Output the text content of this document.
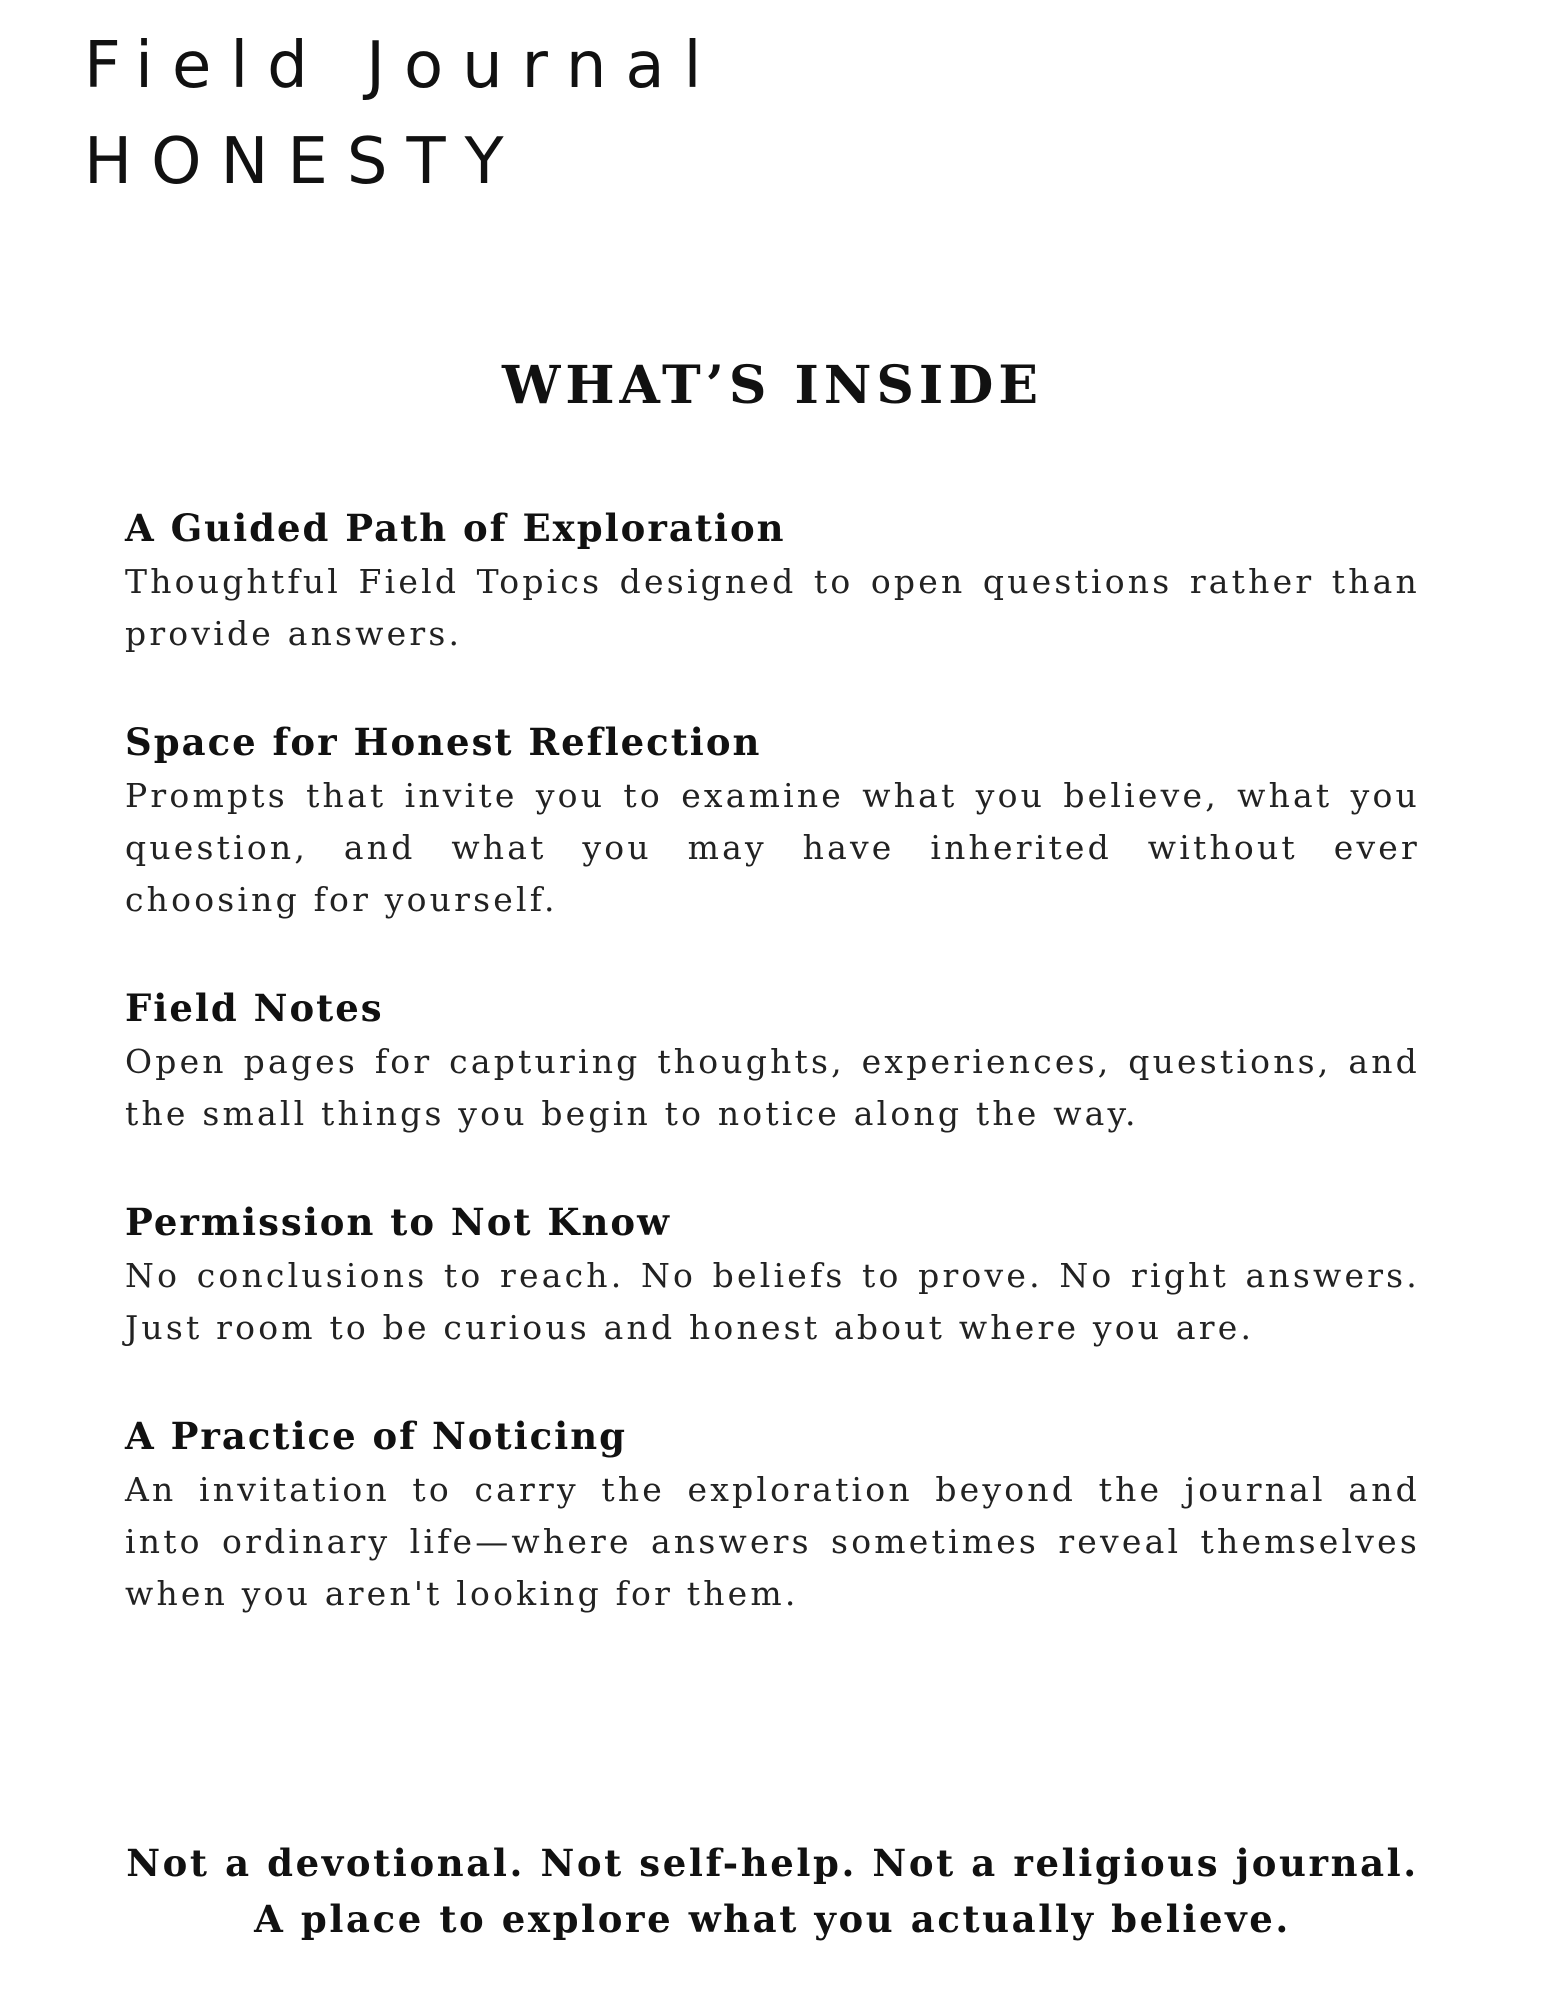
Field Journal
HONESTY
WHAT’S INSIDE
A Guided Path of Exploration
Thoughtful Field Topics designed to open questions rather than provide answers.
Space for Honest Reflection
Prompts that invite you to examine what you believe, what you question, and what you may have inherited without ever choosing for yourself.
Field Notes
Open pages for capturing thoughts, experiences, questions, and the small things you begin to notice along the way.
Permission to Not Know
No conclusions to reach. No beliefs to prove. No right answers. Just room to be curious and honest about where you are.
A Practice of Noticing
An invitation to carry the exploration beyond the journal and into ordinary life—where answers sometimes reveal themselves when you aren't looking for them.
Not a devotional. Not self-help. Not a religious journal.
A place to explore what you actually believe.
